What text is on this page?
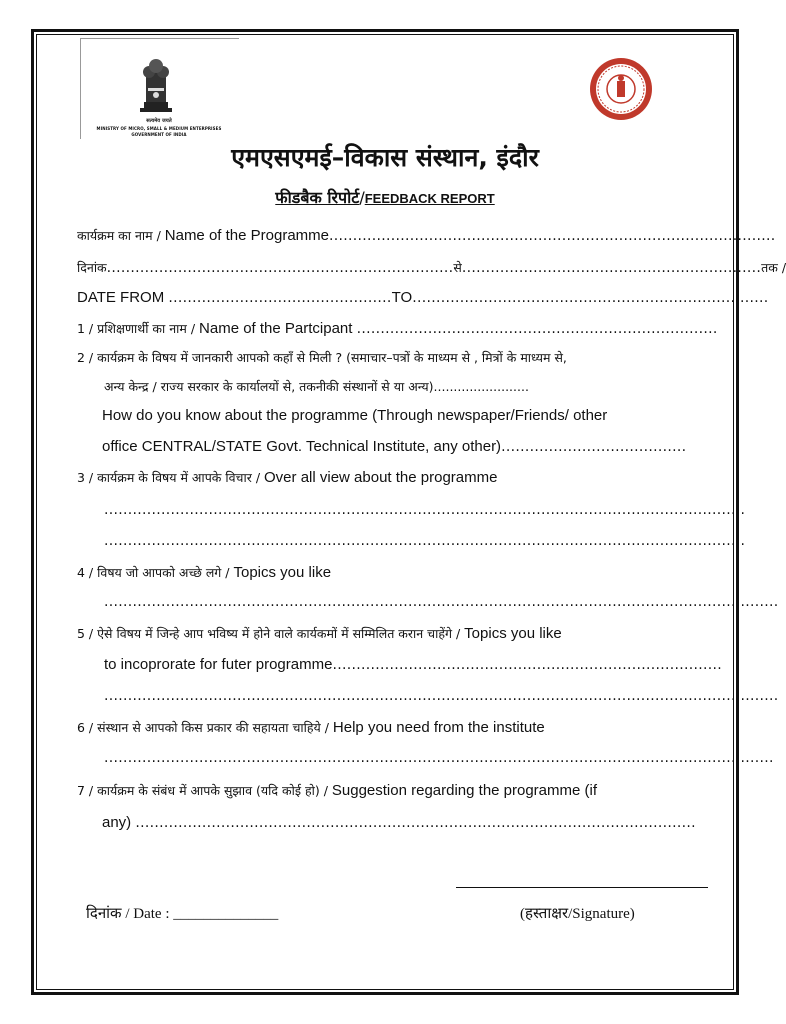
सत्यमेव जयते
MINISTRY OF MICRO, SMALL & MEDIUM ENTERPRISES
GOVERNMENT OF INDIA
एमएसएमई–विकास संस्थान, इंदौर
फीडबैक रिपोर्ट/FEEDBACK REPORT
कार्यक्रम का नाम / Name of the Programme..............................................................................................
दिनांक.........................................................................से...............................................................तक /
DATE FROM ...............................................TO...........................................................................
1 / प्रशिक्षणार्थी का नाम / Name of the Partcipant ............................................................................
2 / कार्यक्रम के विषय में जानकारी आपको कहाँ से मिली ? (समाचार–पत्रों के माध्यम से , मित्रों के माध्यम से,
अन्य केन्द्र / राज्य सरकार के कार्यालयों से, तकनीकी संस्थानों से या अन्य)........................
How do you know about the programme (Through newspaper/Friends/ other
office CENTRAL/STATE Govt. Technical Institute, any other).......................................
3 / कार्यक्रम के विषय में आपके विचार / Over all view about the programme
.......................................................................................................................................
.......................................................................................................................................
4 / विषय जो आपको अच्छे लगे / Topics you like
..............................................................................................................................................
5 / ऐसे विषय में जिन्हे आप भविष्य में होने वाले कार्यकमों में सम्मिलित करान चाहेंगे / Topics you like
to incoprorate for futer programme..................................................................................
..............................................................................................................................................
6 / संस्थान से आपको किस प्रकार की सहायता चाहिये / Help you need from the institute
.............................................................................................................................................
7 / कार्यक्रम के संबंध में आपके सुझाव (यदि कोई हो) / Suggestion regarding the programme (if
any) ......................................................................................................................
दिनांक / Date : ______________	(हस्ताक्षर/Signature)
